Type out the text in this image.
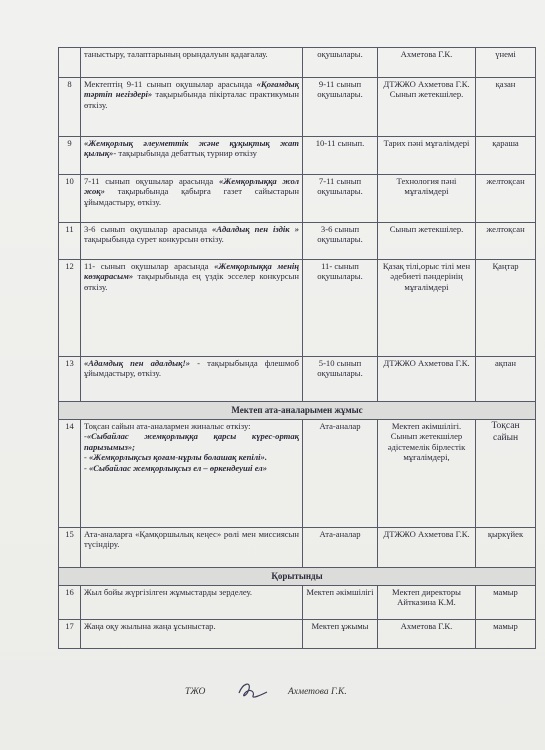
	таныстыру, талаптарының орындалуын қадағалау.	оқушылары.	Ахметова Г.К.	үнемі
8	Мектептің 9-11 сынып оқушылар арасында «Қоғамдық тәртіп негіздері» тақырыбында пікірталас практикумын өткізу.	9-11 сынып оқушылары.	ДТЖЖО Ахметова Г.К. Сынып жетекшілер.	қазан
9	«Жемқорлық әлеуметтік және құқықтық жат қылық»- тақырыбында дебаттық турнир өткізу	10-11 сынып.	Тарих пәні мұғалімдері	қараша
10	7-11 сынып оқушылар арасында «Жемқорлыққа жол жоқ» тақырыбында қабырға газет сайыстарын ұйымдастыру, өткізу.	7-11 сынып оқушылары.	Технология пәні мұғалімдері	желтоқсан
11	3-6 сынып оқушылар арасында «Адалдық пен іздік » тақырыбында сурет конкурсын өткізу.	3-6 сынып оқушылары.	Сынып жетекшілер.	желтоқсан
12	11- сынып оқушылар арасында «Жемқорлыққа менің көзқарасым» тақырыбында ең үздік эсселер конкурсын өткізу.	11- сынып оқушылары.	Қазақ тілі,орыс тілі мен әдебиеті пәндерінің мұғалімдері	Қаңтар
13	«Адамдық пен адалдық!» - тақырыбында флешмоб ұйымдастыру, өткізу.	5-10 сынып оқушылары.	ДТЖЖО Ахметова Г.К.	ақпан
Мектеп ата-аналарымен жұмыс				
14	Тоқсан сайын ата-аналармен жиналыс өткізу:
-«Сыбайлас жемқорлыққа қарсы күрес-ортақ парызымыз»;
- «Жемқорлықсыз қоғам-нұрлы болашақ кепілі».
- «Сыбайлас жемқорлықсыз ел – өркендеуші ел»	Ата-аналар	Мектеп әкімшілігі. Сынып жетекшілер әдістемелік бірлестік мұғалімдері,	Тоқсан сайын
15	Ата-аналарға «Қамқоршылық кеңес» рөлі мен миссиясын түсіндіру.	Ата-аналар	ДТЖЖО Ахметова Г.К.	қыркүйек
Қорытынды				
16	Жыл бойы жүргізілген жұмыстарды зерделеу.	Мектеп әкімшілігі	Мектеп директоры Айтказина К.М.	мамыр
17	Жаңа оқу жылына жаңа ұсыныстар.	Мектеп ұжымы	Ахметова Г.К.	мамыр
ТЖО	Ахметова Г.К.
